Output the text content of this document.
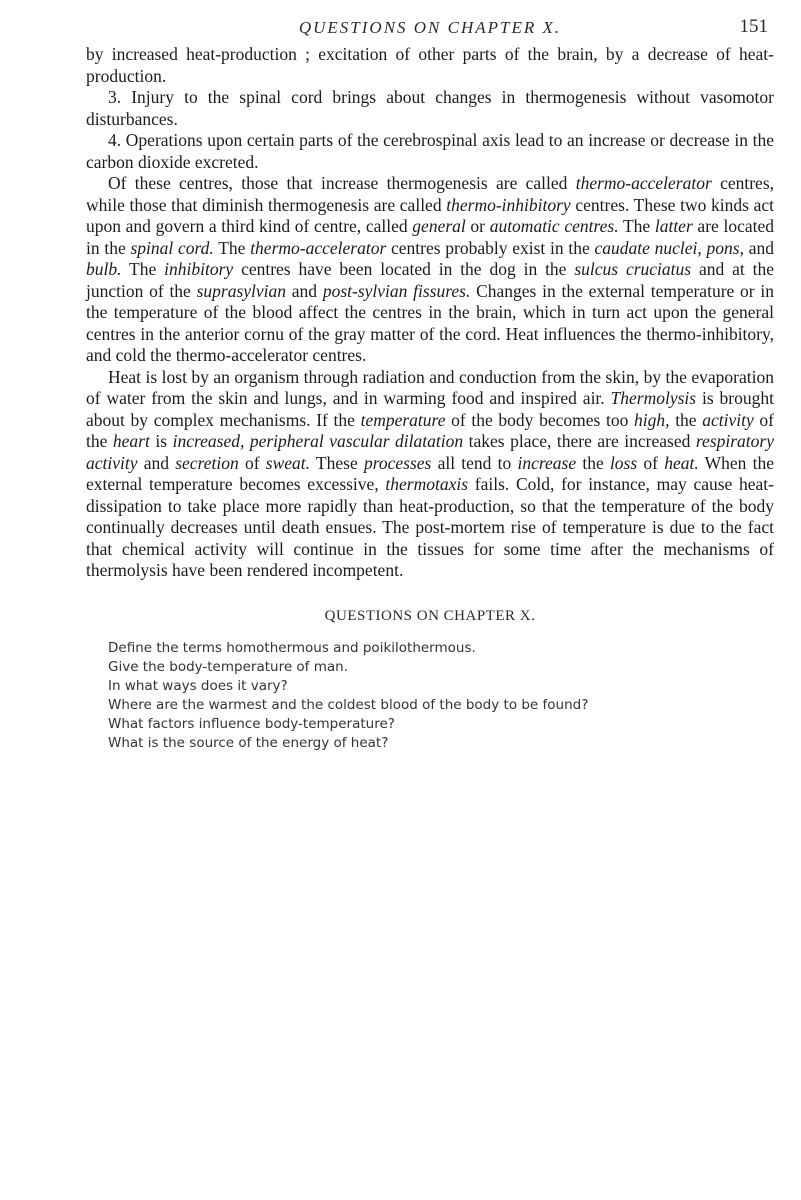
QUESTIONS ON CHAPTER X.	151

by increased heat-production ; excitation of other parts of the brain, by a decrease of heat-production.

3. Injury to the spinal cord brings about changes in thermogenesis without vasomotor disturbances.

4. Operations upon certain parts of the cerebrospinal axis lead to an increase or decrease in the carbon dioxide excreted.

Of these centres, those that increase thermogenesis are called thermo-accelerator centres, while those that diminish thermogenesis are called thermo-inhibitory centres. These two kinds act upon and govern a third kind of centre, called general or automatic centres. The latter are located in the spinal cord. The thermo-accelerator centres probably exist in the caudate nuclei, pons, and bulb. The inhibitory centres have been located in the dog in the sulcus cruciatus and at the junction of the suprasylvian and post-sylvian fissures. Changes in the external temperature or in the temperature of the blood affect the centres in the brain, which in turn act upon the general centres in the anterior cornu of the gray matter of the cord. Heat influences the thermo-inhibitory, and cold the thermo-accelerator centres.

Heat is lost by an organism through radiation and conduction from the skin, by the evaporation of water from the skin and lungs, and in warming food and inspired air. Thermolysis is brought about by complex mechanisms. If the temperature of the body becomes too high, the activity of the heart is increased, peripheral vascular dilatation takes place, there are increased respiratory activity and secretion of sweat. These processes all tend to increase the loss of heat. When the external temperature becomes excessive, thermotaxis fails. Cold, for instance, may cause heat-dissipation to take place more rapidly than heat-production, so that the temperature of the body continually decreases until death ensues. The post-mortem rise of temperature is due to the fact that chemical activity will continue in the tissues for some time after the mechanisms of thermolysis have been rendered incompetent.

QUESTIONS ON CHAPTER X.
Define the terms homothermous and poikilothermous.
Give the body-temperature of man.
In what ways does it vary?
Where are the warmest and the coldest blood of the body to be found?
What factors influence body-temperature?
What is the source of the energy of heat?
